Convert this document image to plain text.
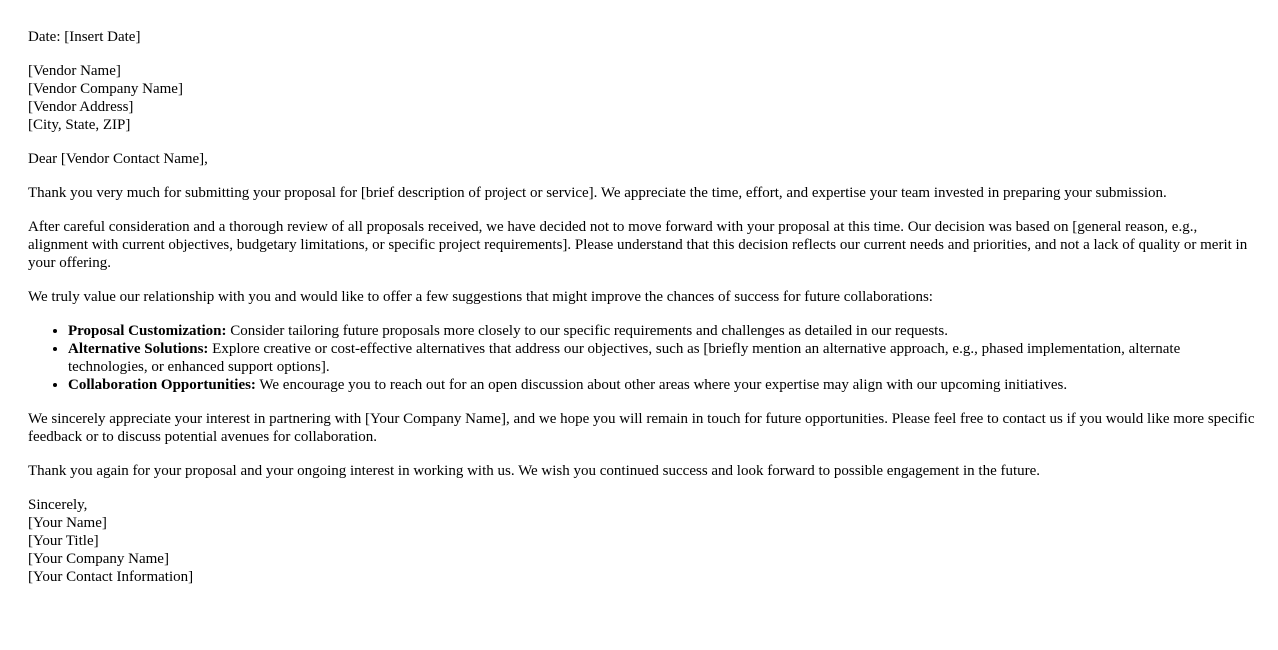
Date: [Insert Date]

[Vendor Name]
[Vendor Company Name]
[Vendor Address]
[City, State, ZIP]

Dear [Vendor Contact Name],

Thank you very much for submitting your proposal for [brief description of project or service]. We appreciate the time, effort, and expertise your team invested in preparing your submission.

After careful consideration and a thorough review of all proposals received, we have decided not to move forward with your proposal at this time. Our decision was based on [general reason, e.g., alignment with current objectives, budgetary limitations, or specific project requirements]. Please understand that this decision reflects our current needs and priorities, and not a lack of quality or merit in your offering.

We truly value our relationship with you and would like to offer a few suggestions that might improve the chances of success for future collaborations:

• Proposal Customization: Consider tailoring future proposals more closely to our specific requirements and challenges as detailed in our requests.
• Alternative Solutions: Explore creative or cost-effective alternatives that address our objectives, such as [briefly mention an alternative approach, e.g., phased implementation, alternate technologies, or enhanced support options].
• Collaboration Opportunities: We encourage you to reach out for an open discussion about other areas where your expertise may align with our upcoming initiatives.

We sincerely appreciate your interest in partnering with [Your Company Name], and we hope you will remain in touch for future opportunities. Please feel free to contact us if you would like more specific feedback or to discuss potential avenues for collaboration.

Thank you again for your proposal and your ongoing interest in working with us. We wish you continued success and look forward to possible engagement in the future.

Sincerely,
[Your Name]
[Your Title]
[Your Company Name]
[Your Contact Information]
